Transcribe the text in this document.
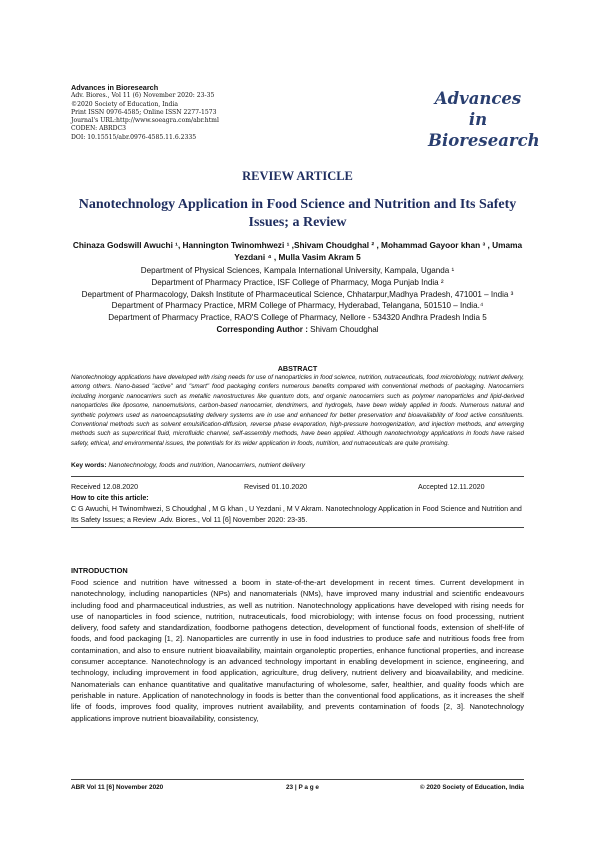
Advances in Bioresearch
Adv. Biores., Vol 11 (6) November 2020: 23-35
©2020 Society of Education, India
Print ISSN 0976-4585; Online ISSN 2277-1573
Journal's URL:http://www.soeagra.com/abr.html
CODEN: ABRDC3
DOI: 10.15515/abr.0976-4585.11.6.2335
Advances
in
Bioresearch
REVIEW ARTICLE
Nanotechnology Application in Food Science and Nutrition and Its Safety Issues; a Review
Chinaza Godswill Awuchi ¹, Hannington Twinomhwezi ¹ ,Shivam Choudghal ² , Mohammad Gayoor khan ³ , Umama Yezdani ⁴ , Mulla Vasim Akram 5
Department of Physical Sciences, Kampala International University, Kampala, Uganda ¹
Department of Pharmacy Practice, ISF College of Pharmacy, Moga Punjab India ²
Department of Pharmacology, Daksh Institute of Pharmaceutical Science, Chhatarpur,Madhya Pradesh, 471001 – India ³
Department of Pharmacy Practice, MRM College of Pharmacy, Hyderabad, Telangana, 501510 – India.⁴
Department of Pharmacy Practice, RAO'S College of Pharmacy, Nellore - 534320 Andhra Pradesh India 5
Corresponding Author : Shivam Choudghal
ABSTRACT
Nanotechnology applications have developed with rising needs for use of nanoparticles in food science, nutrition, nutraceuticals, food microbiology, nutrient delivery, among others. Nano-based "active" and "smart" food packaging confers numerous benefits compared with conventional methods of packaging. Nanocarriers including inorganic nanocarriers such as metallic nanostructures like quantum dots, and organic nanocarriers such as polymer nanoparticles and lipid-derived nanoparticles like liposome, nanoemulsions, carbon-based nanocarrier, dendrimers, and hydrogels, have been widely applied in foods. Numerous natural and synthetic polymers used as nanoencapsulating delivery systems are in use and enhanced for better preservation and bioavailability of food active constituents. Conventional methods such as solvent emulsification-diffusion, reverse phase evaporation, high-pressure homogenization, and injection methods, and emerging methods such as supercritical fluid, microfluidic channel, self-assembly methods, have been applied. Although nanotechnology applications in foods have raised safety, ethical, and environmental issues, the potentials for its wider application in foods, nutrition, and nutraceuticals are quite promising.
Key words: Nanotechnology, foods and nutrition, Nanocarriers, nutrient delivery
Received 12.08.2020	Revised 01.10.2020	Accepted 12.11.2020
How to cite this article:
C G Awuchi, H Twinomhwezi, S Choudghal , M G khan , U Yezdani , M V Akram. Nanotechnology Application in Food Science and Nutrition and Its Safety Issues; a Review .Adv. Biores., Vol 11 [6] November 2020: 23-35.
INTRODUCTION
Food science and nutrition have witnessed a boom in state-of-the-art development in recent times. Current development in nanotechnology, including nanoparticles (NPs) and nanomaterials (NMs), have improved many industrial and scientific endeavours including food and pharmaceutical industries, as well as nutrition. Nanotechnology applications have developed with rising needs for use of nanoparticles in food science, nutrition, nutraceuticals, food microbiology; with intense focus on food processing, nutrient delivery, food safety and standardization, foodborne pathogens detection, development of functional foods, extension of shelf-life of foods, and food packaging [1, 2]. Nanoparticles are currently in use in food industries to produce safe and nutritious foods free from contamination, and also to ensure nutrient bioavailability, maintain organoleptic properties, enhance functional properties, and increase consumer acceptance. Nanotechnology is an advanced technology important in enabling development in science, engineering, and technology, including improvement in food application, agriculture, drug delivery, nutrient delivery and bioavailability, and medicine. Nanomaterials can enhance quantitative and qualitative manufacturing of wholesome, safer, healthier, and quality foods which are perishable in nature. Application of nanotechnology in foods is better than the conventional food applications, as it increases the shelf life of foods, improves food quality, improves nutrient availability, and prevents contamination of foods [2, 3]. Nanotechnology applications improve nutrient bioavailability, consistency,
ABR Vol 11 [6] November 2020	23 | P a g e	© 2020 Society of Education, India
